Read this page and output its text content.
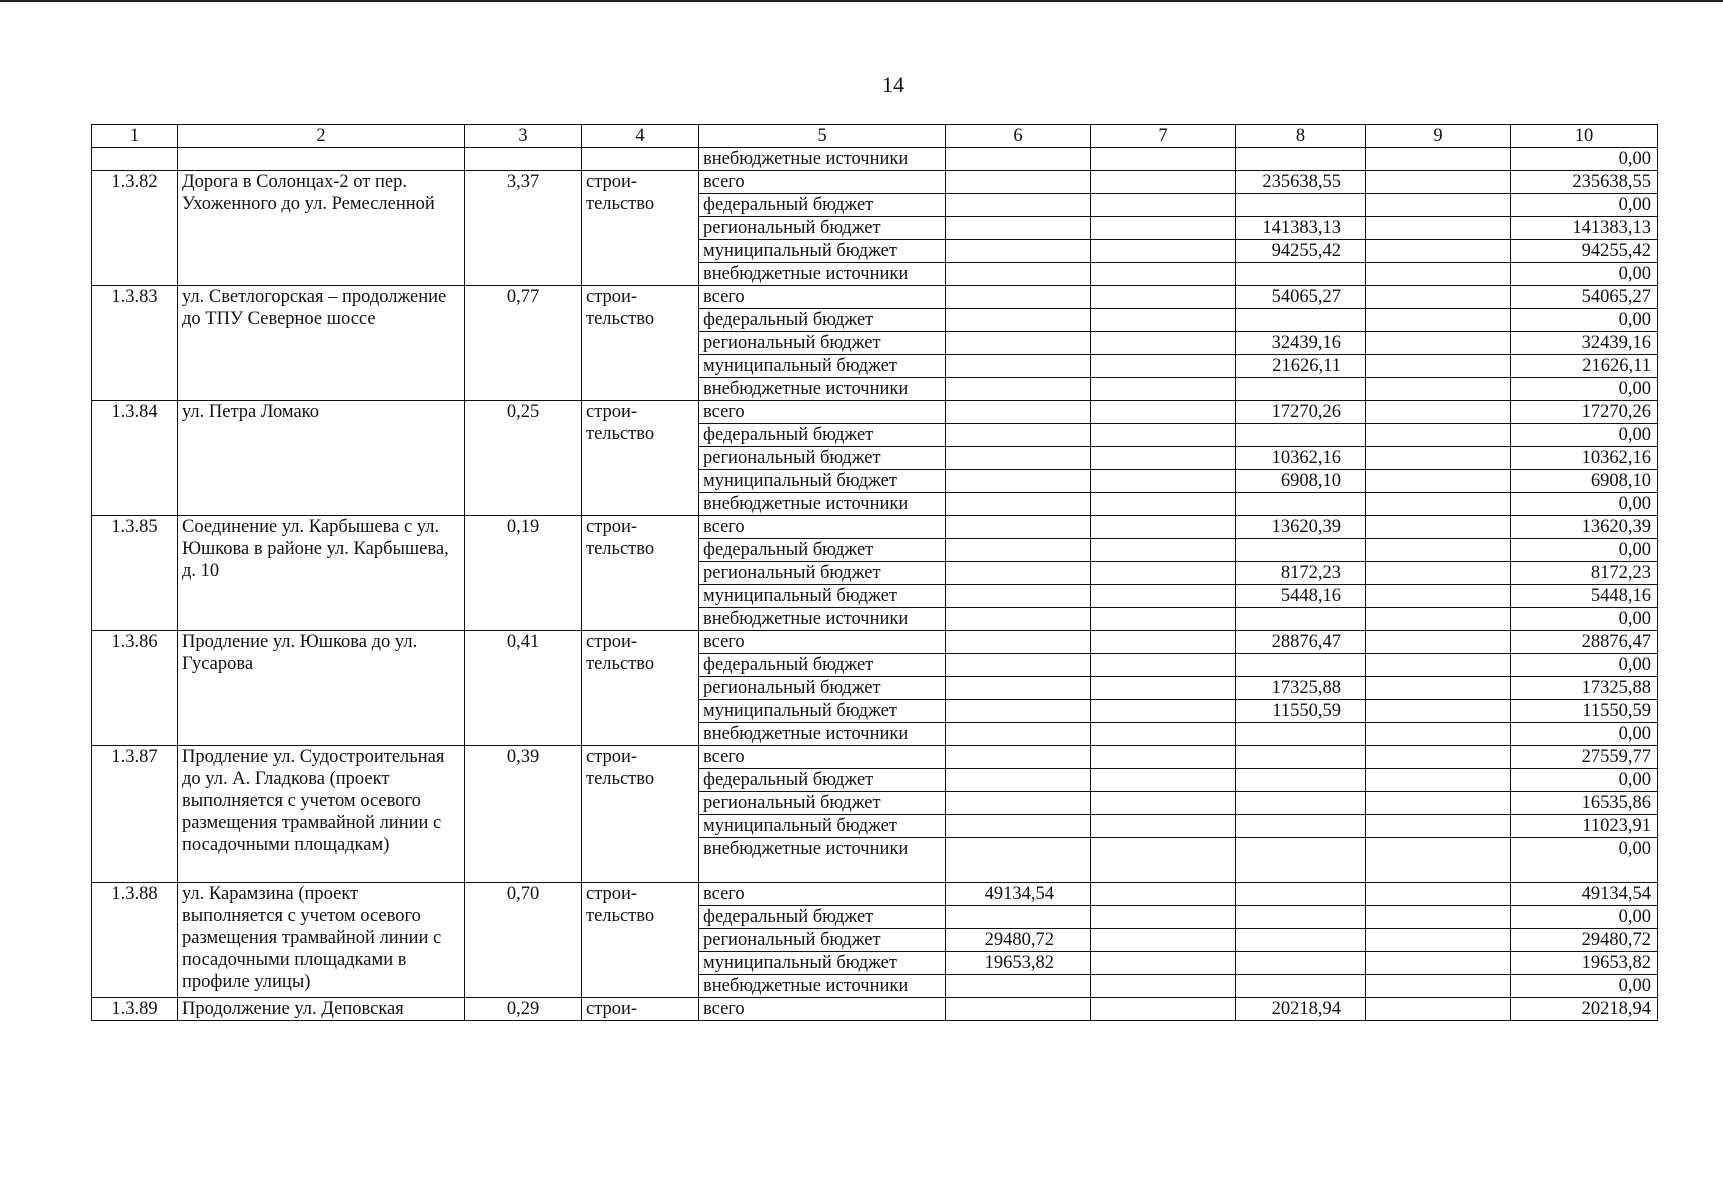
14
1	2	3	4	5	6	7	8	9	10
				внебюджетные источники					0,00
1.3.82	Дорога в Солонцах-2 от пер. Ухоженного до ул. Ремесленной	3,37	строи-тельство	всего			235638,55		235638,55
				федеральный бюджет					0,00
				региональный бюджет			141383,13		141383,13
				муниципальный бюджет			94255,42		94255,42
				внебюджетные источники					0,00
1.3.83	ул. Светлогорская – продолжение до ТПУ Северное шоссе	0,77	строи-тельство	всего			54065,27		54065,27
				федеральный бюджет					0,00
				региональный бюджет			32439,16		32439,16
				муниципальный бюджет			21626,11		21626,11
				внебюджетные источники					0,00
1.3.84	ул. Петра Ломако	0,25	строи-тельство	всего			17270,26		17270,26
				федеральный бюджет					0,00
				региональный бюджет			10362,16		10362,16
				муниципальный бюджет			6908,10		6908,10
				внебюджетные источники					0,00
1.3.85	Соединение ул. Карбышева с ул. Юшкова в районе ул. Карбышева, д. 10	0,19	строи-тельство	всего			13620,39		13620,39
				федеральный бюджет					0,00
				региональный бюджет			8172,23		8172,23
				муниципальный бюджет			5448,16		5448,16
				внебюджетные источники					0,00
1.3.86	Продление ул. Юшкова до ул. Гусарова	0,41	строи-тельство	всего			28876,47		28876,47
				федеральный бюджет					0,00
				региональный бюджет			17325,88		17325,88
				муниципальный бюджет			11550,59		11550,59
				внебюджетные источники					0,00
1.3.87	Продление ул. Судостроительная до ул. А. Гладкова (проект выполняется с учетом осевого размещения трамвайной линии с посадочными площадкам)	0,39	строи-тельство	всего					27559,77
				федеральный бюджет					0,00
				региональный бюджет					16535,86
				муниципальный бюджет					11023,91
				внебюджетные источники					0,00
1.3.88	ул. Карамзина (проект выполняется с учетом осевого размещения трамвайной линии с посадочными площадками в профиле улицы)	0,70	строи-тельство	всего	49134,54				49134,54
				федеральный бюджет					0,00
				региональный бюджет	29480,72				29480,72
				муниципальный бюджет	19653,82				19653,82
				внебюджетные источники					0,00
1.3.89	Продолжение ул. Деповская	0,29	строи-	всего			20218,94		20218,94
